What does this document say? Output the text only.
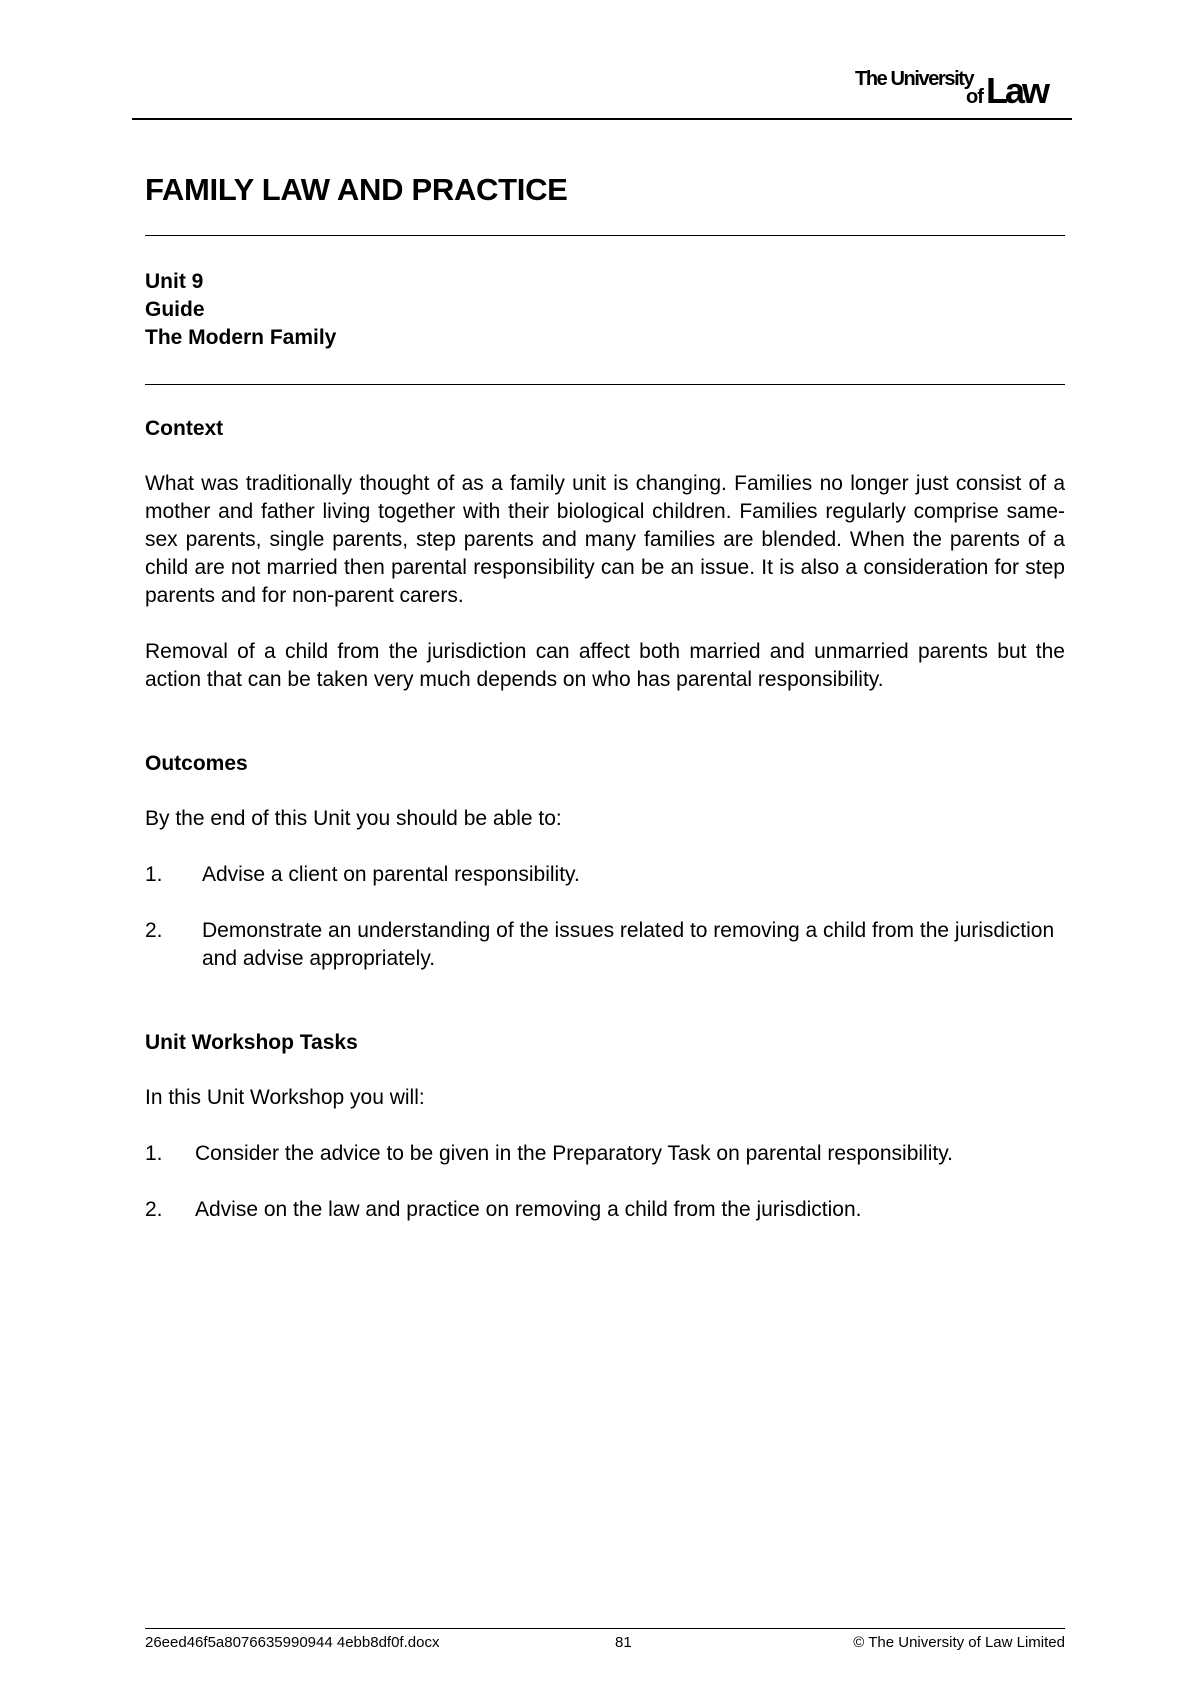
The University
of Law
FAMILY LAW AND PRACTICE
Unit 9
Guide
The Modern Family
Context

What was traditionally thought of as a family unit is changing. Families no longer just consist of a mother and father living together with their biological children. Families regularly comprise same-sex parents, single parents, step parents and many families are blended. When the parents of a child are not married then parental responsibility can be an issue. It is also a consideration for step parents and for non-parent carers.

Removal of a child from the jurisdiction can affect both married and unmarried parents but the action that can be taken very much depends on who has parental responsibility.

Outcomes

By the end of this Unit you should be able to:

1.	Advise a client on parental responsibility.
2.	Demonstrate an understanding of the issues related to removing a child from the jurisdiction and advise appropriately.
Unit Workshop Tasks

In this Unit Workshop you will:

1.	Consider the advice to be given in the Preparatory Task on parental responsibility.
2.	Advise on the law and practice on removing a child from the jurisdiction.
26eed46f5a8076635990944 4ebb8df0f.docx	81	© The University of Law Limited
